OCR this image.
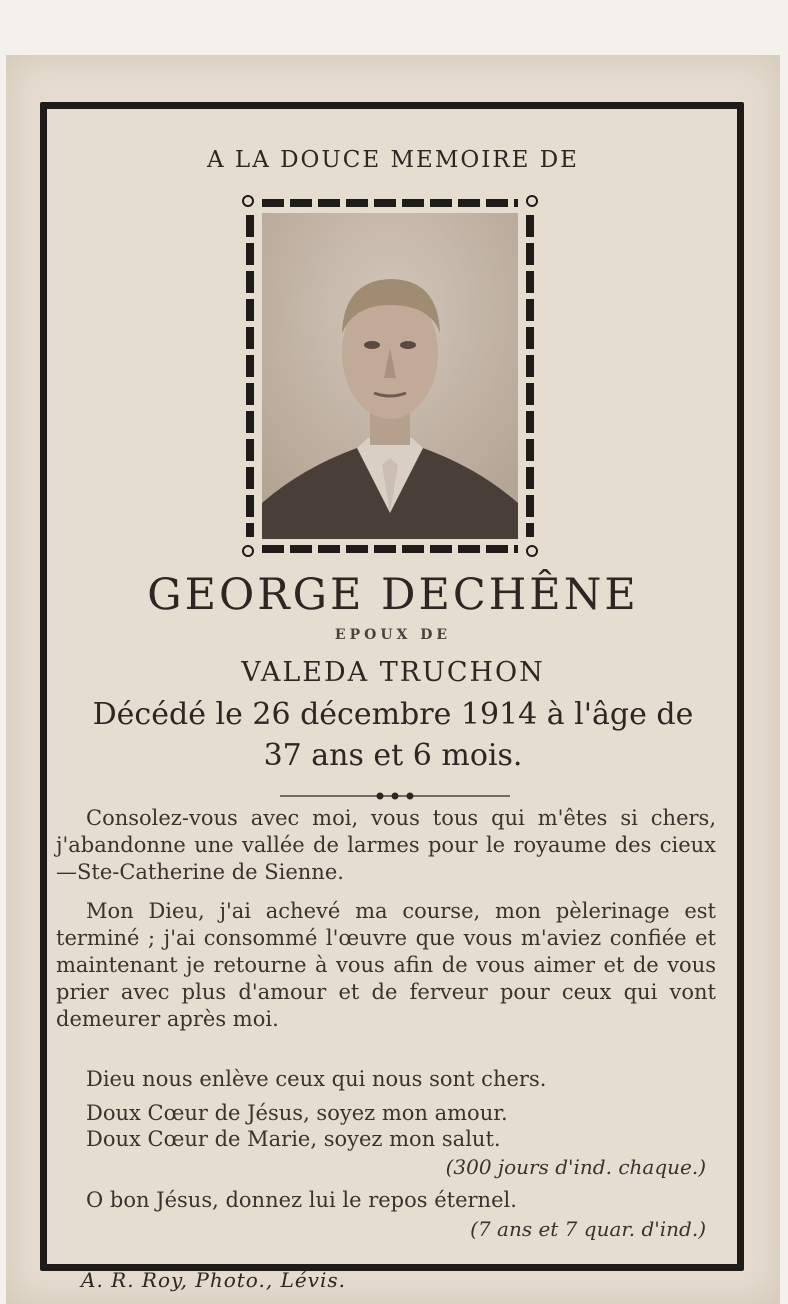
A LA DOUCE MEMOIRE DE
GEORGE DECHÊNE
EPOUX DE
VALEDA TRUCHON
Décédé le 26 décembre 1914 à l'âge de
37 ans et 6 mois.
Consolez-vous avec moi, vous tous qui m'êtes si chers, j'abandonne une vallée de larmes pour le royaume des cieux —Ste-Catherine de Sienne.
Mon Dieu, j'ai achevé ma course, mon pèlerinage est terminé ; j'ai consommé l'œuvre que vous m'aviez confiée et maintenant je retourne à vous afin de vous aimer et de vous prier avec plus d'amour et de ferveur pour ceux qui vont demeurer après moi.
Dieu nous enlève ceux qui nous sont chers.
Doux Cœur de Jésus, soyez mon amour.
Doux Cœur de Marie, soyez mon salut.
(300 jours d'ind. chaque.)
O bon Jésus, donnez lui le repos éternel.
(7 ans et 7 quar. d'ind.)
A. R. Roy, Photo., Lévis.
